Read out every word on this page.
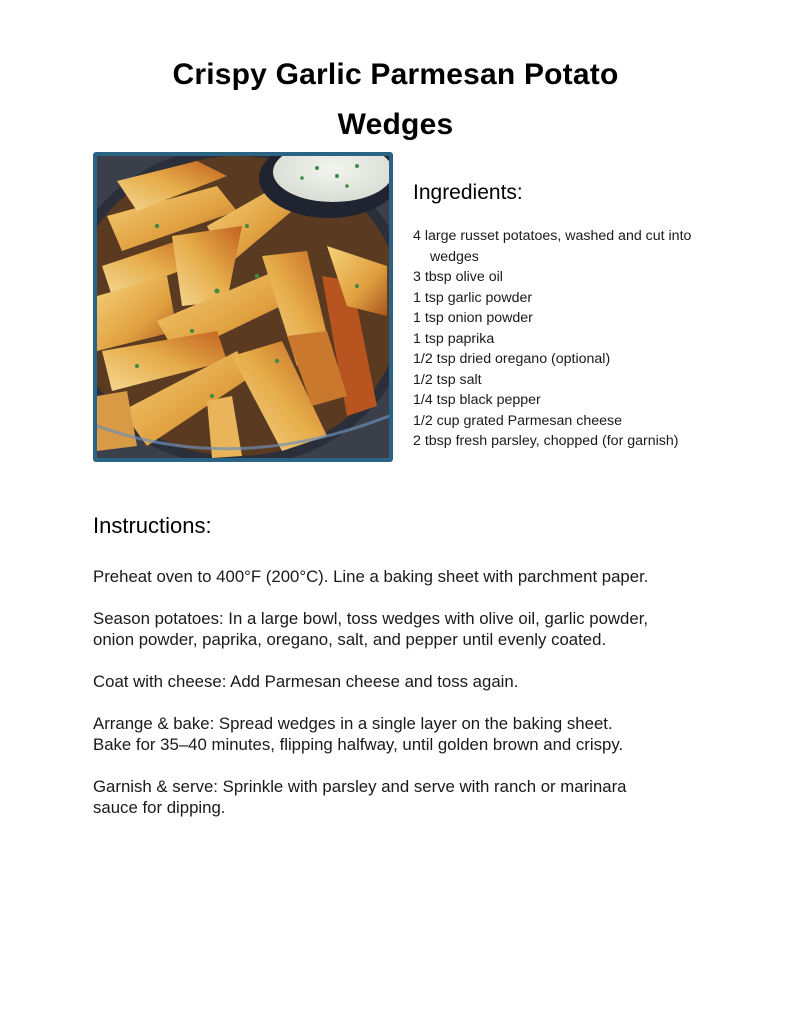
Crispy Garlic Parmesan Potato
Wedges
Ingredients:
4 large russet potatoes, washed and cut into
wedges
3 tbsp olive oil
1 tsp garlic powder
1 tsp onion powder
1 tsp paprika
1/2 tsp dried oregano (optional)
1/2 tsp salt
1/4 tsp black pepper
1/2 cup grated Parmesan cheese
2 tbsp fresh parsley, chopped (for garnish)
Instructions:

Preheat oven to 400°F (200°C). Line a baking sheet with parchment paper.

Season potatoes: In a large bowl, toss wedges with olive oil, garlic powder,
onion powder, paprika, oregano, salt, and pepper until evenly coated.

Coat with cheese: Add Parmesan cheese and toss again.

Arrange & bake: Spread wedges in a single layer on the baking sheet.
Bake for 35–40 minutes, flipping halfway, until golden brown and crispy.

Garnish & serve: Sprinkle with parsley and serve with ranch or marinara
sauce for dipping.
